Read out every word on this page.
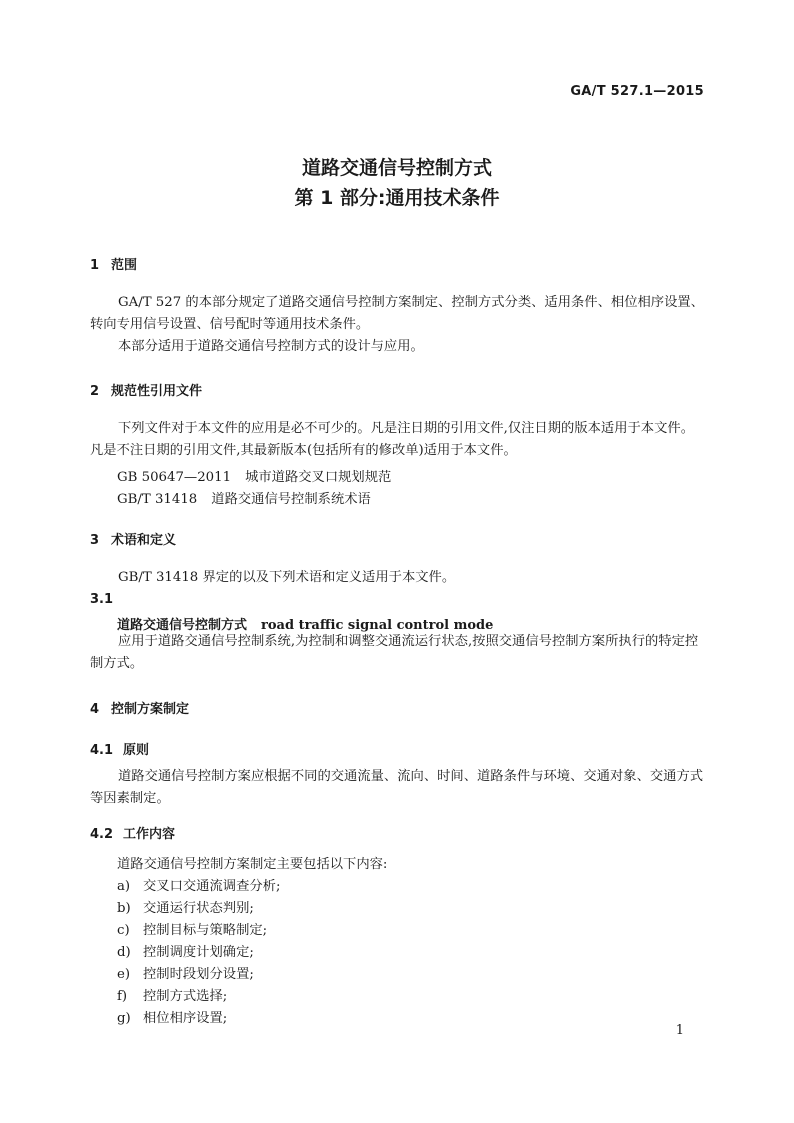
GA/T 527.1—2015
道路交通信号控制方式
第 1 部分:通用技术条件
1 范围
GA/T 527 的本部分规定了道路交通信号控制方案制定、控制方式分类、适用条件、相位相序设置、转向专用信号设置、信号配时等通用技术条件。
本部分适用于道路交通信号控制方式的设计与应用。
2 规范性引用文件
下列文件对于本文件的应用是必不可少的。凡是注日期的引用文件,仅注日期的版本适用于本文件。凡是不注日期的引用文件,其最新版本(包括所有的修改单)适用于本文件。
GB 50647—2011 城市道路交叉口规划规范
GB/T 31418 道路交通信号控制系统术语
3 术语和定义
GB/T 31418 界定的以及下列术语和定义适用于本文件。
3.1
道路交通信号控制方式 road traffic signal control mode
应用于道路交通信号控制系统,为控制和调整交通流运行状态,按照交通信号控制方案所执行的特定控制方式。
4 控制方案制定
4.1 原则
道路交通信号控制方案应根据不同的交通流量、流向、时间、道路条件与环境、交通对象、交通方式等因素制定。
4.2 工作内容
道路交通信号控制方案制定主要包括以下内容:
a) 交叉口交通流调查分析;
b) 交通运行状态判别;
c) 控制目标与策略制定;
d) 控制调度计划确定;
e) 控制时段划分设置;
f) 控制方式选择;
g) 相位相序设置;
1
